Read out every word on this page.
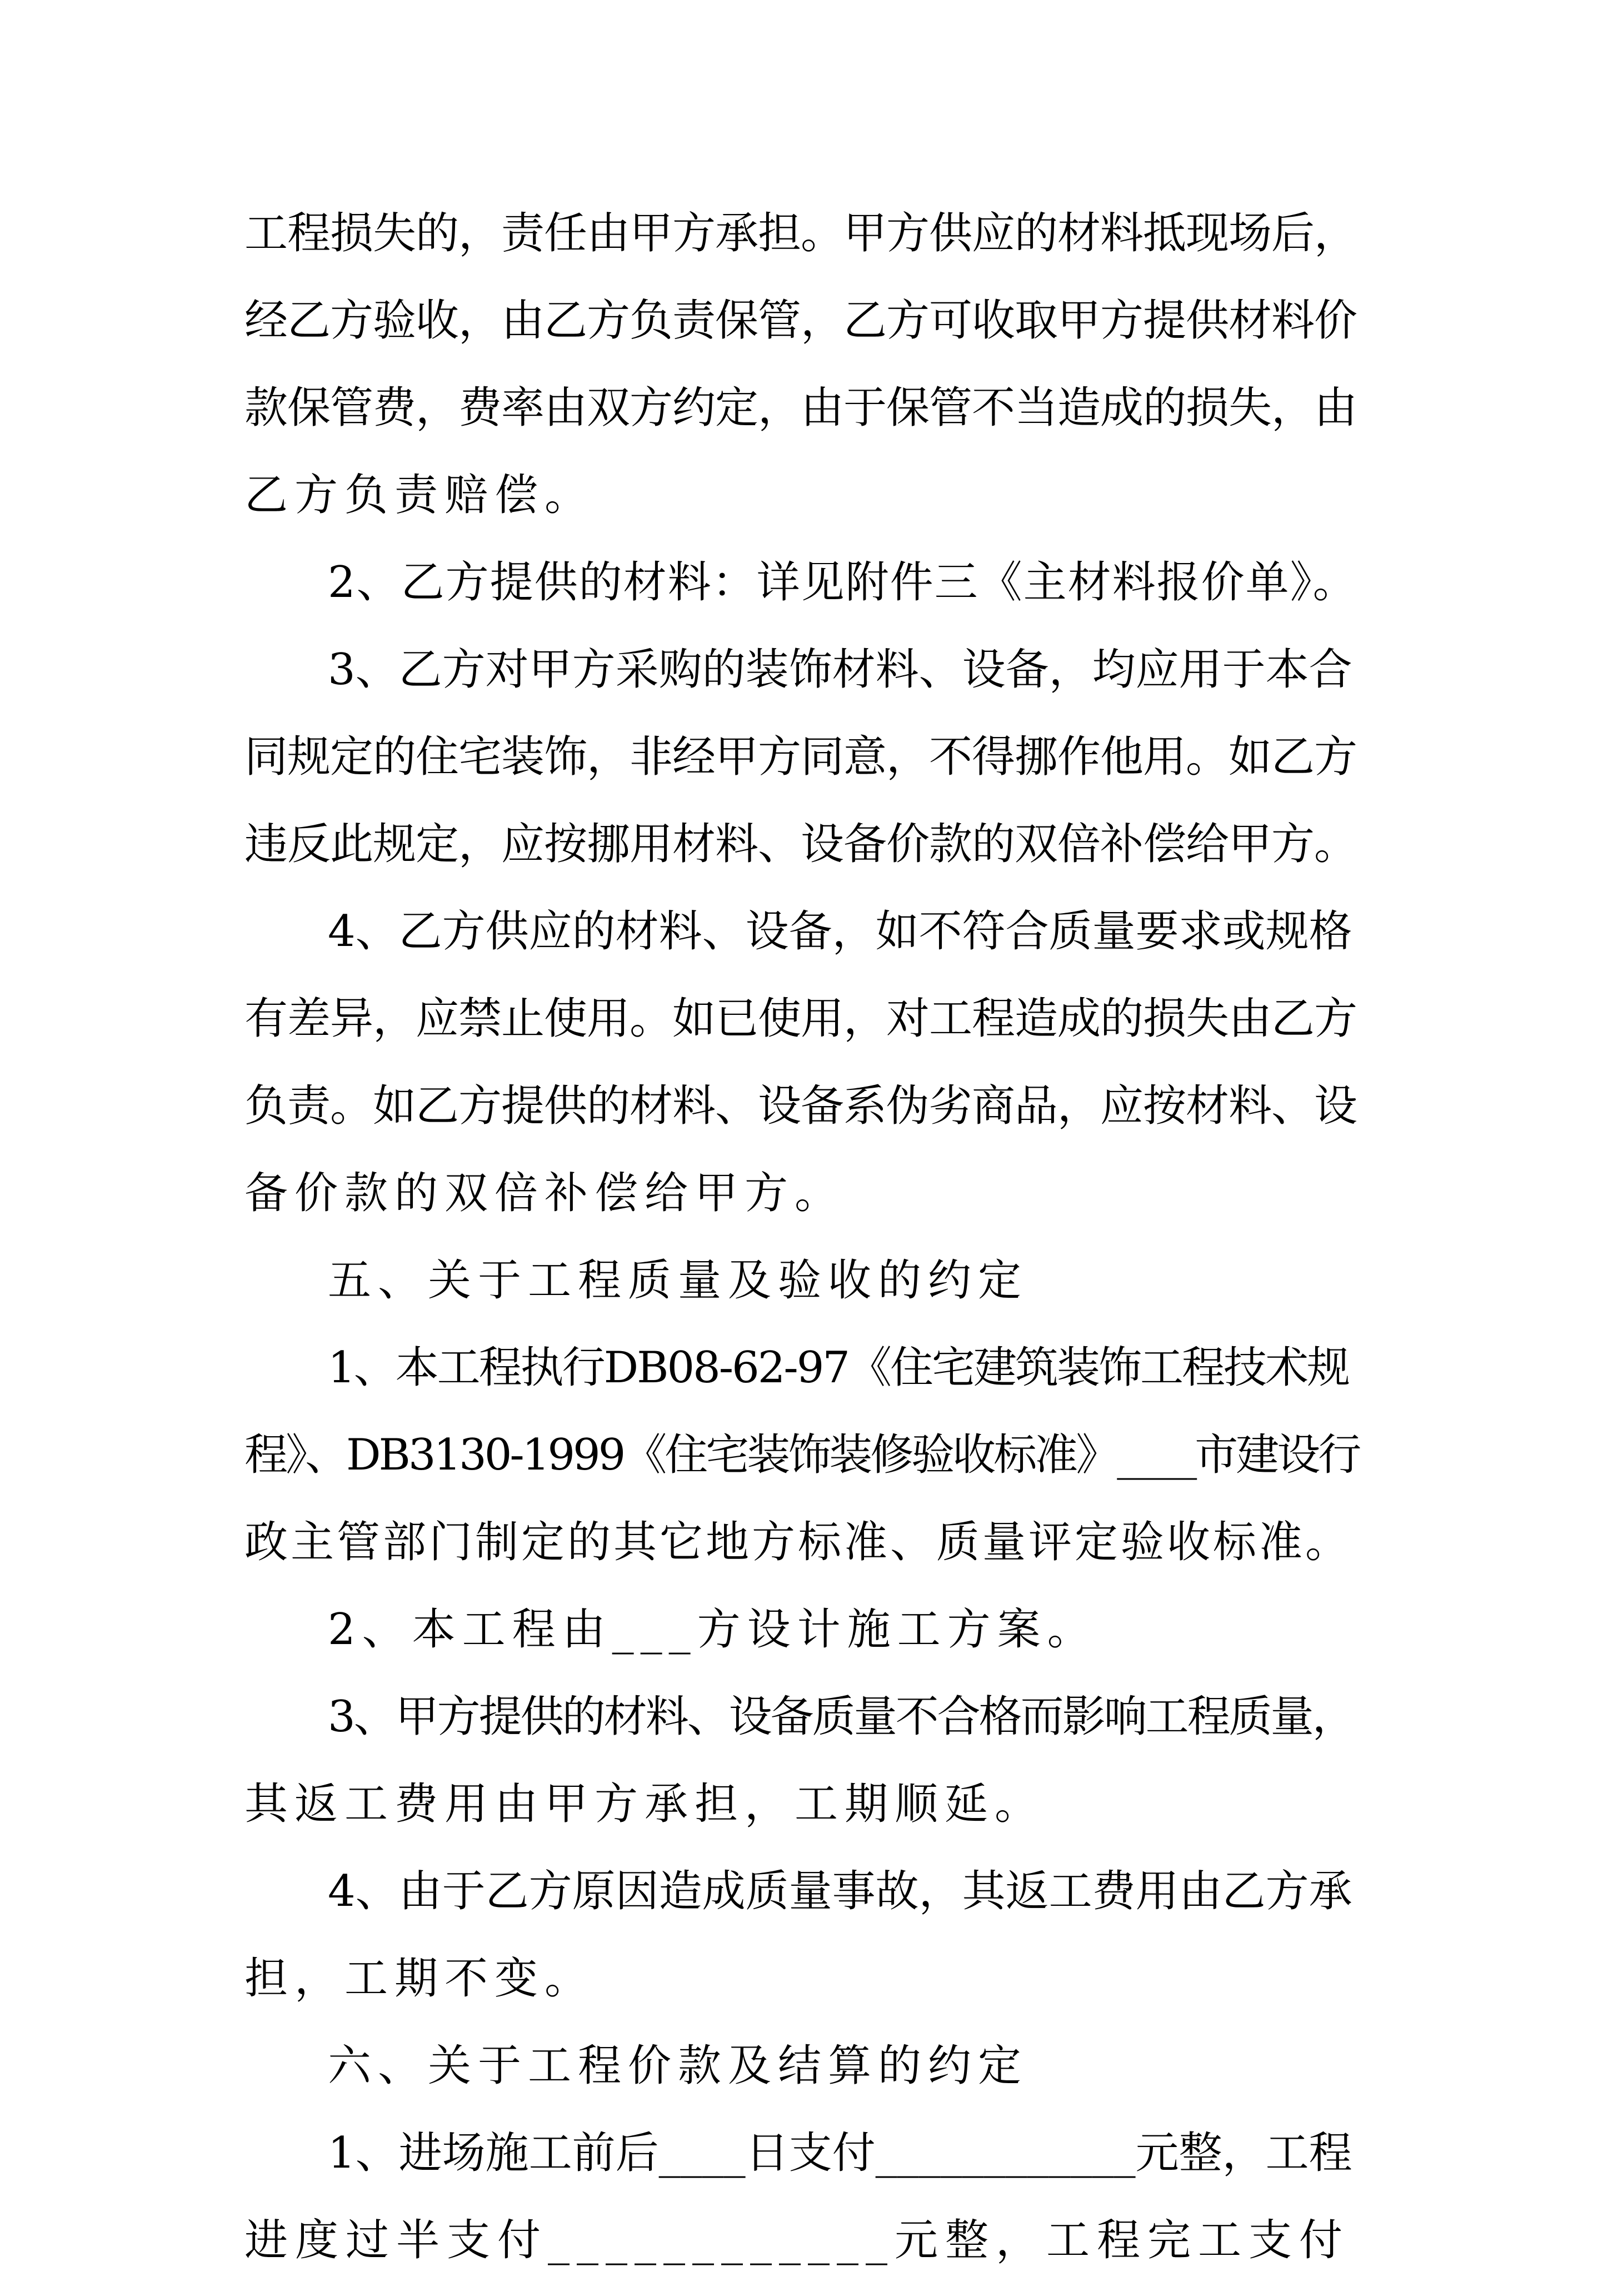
工程损失的，责任由甲方承担。甲方供应的材料抵现场后，
经乙方验收，由乙方负责保管，乙方可收取甲方提供材料价
款保管费，费率由双方约定，由于保管不当造成的损失，由
乙方负责赔偿。
2、乙方提供的材料：详见附件三《主材料报价单》。
3、乙方对甲方采购的装饰材料、设备，均应用于本合
同规定的住宅装饰，非经甲方同意，不得挪作他用。如乙方
违反此规定，应按挪用材料、设备价款的双倍补偿给甲方。
4、乙方供应的材料、设备，如不符合质量要求或规格
有差异，应禁止使用。如已使用，对工程造成的损失由乙方
负责。如乙方提供的材料、设备系伪劣商品，应按材料、设
备价款的双倍补偿给甲方。
五、关于工程质量及验收的约定
1、本工程执行DB08-62-97《住宅建筑装饰工程技术规
程》、DB3130-1999《住宅装饰装修验收标准》____市建设行
政主管部门制定的其它地方标准、质量评定验收标准。
2、本工程由___方设计施工方案。
3、甲方提供的材料、设备质量不合格而影响工程质量，
其返工费用由甲方承担，工期顺延。
4、由于乙方原因造成质量事故，其返工费用由乙方承
担，工期不变。
六、关于工程价款及结算的约定
1、进场施工前后____日支付____________元整，工程
进度过半支付____________元整，工程完工支付
